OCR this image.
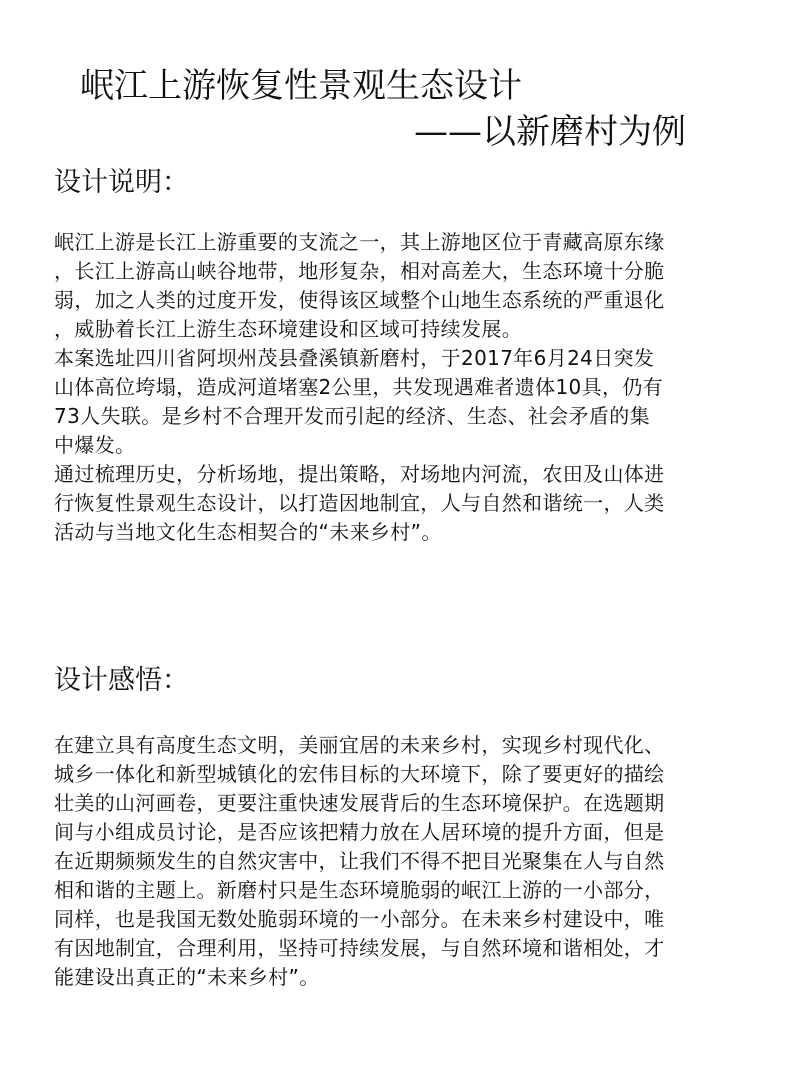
岷江上游恢复性景观生态设计
——以新磨村为例
设计说明：
岷江上游是长江上游重要的支流之一，其上游地区位于青藏高原东缘
，长江上游高山峡谷地带，地形复杂，相对高差大，生态环境十分脆
弱，加之人类的过度开发，使得该区域整个山地生态系统的严重退化
，威胁着长江上游生态环境建设和区域可持续发展。
本案选址四川省阿坝州茂县叠溪镇新磨村，于2017年6月24日突发
山体高位垮塌，造成河道堵塞2公里，共发现遇难者遗体10具，仍有
73人失联。是乡村不合理开发而引起的经济、生态、社会矛盾的集
中爆发。
通过梳理历史，分析场地，提出策略，对场地内河流，农田及山体进
行恢复性景观生态设计，以打造因地制宜，人与自然和谐统一，人类
活动与当地文化生态相契合的“未来乡村”。
设计感悟：
在建立具有高度生态文明，美丽宜居的未来乡村，实现乡村现代化、
城乡一体化和新型城镇化的宏伟目标的大环境下，除了要更好的描绘
壮美的山河画卷，更要注重快速发展背后的生态环境保护。在选题期
间与小组成员讨论，是否应该把精力放在人居环境的提升方面，但是
在近期频频发生的自然灾害中，让我们不得不把目光聚集在人与自然
相和谐的主题上。新磨村只是生态环境脆弱的岷江上游的一小部分，
同样，也是我国无数处脆弱环境的一小部分。在未来乡村建设中，唯
有因地制宜，合理利用，坚持可持续发展，与自然环境和谐相处，才
能建设出真正的“未来乡村”。
